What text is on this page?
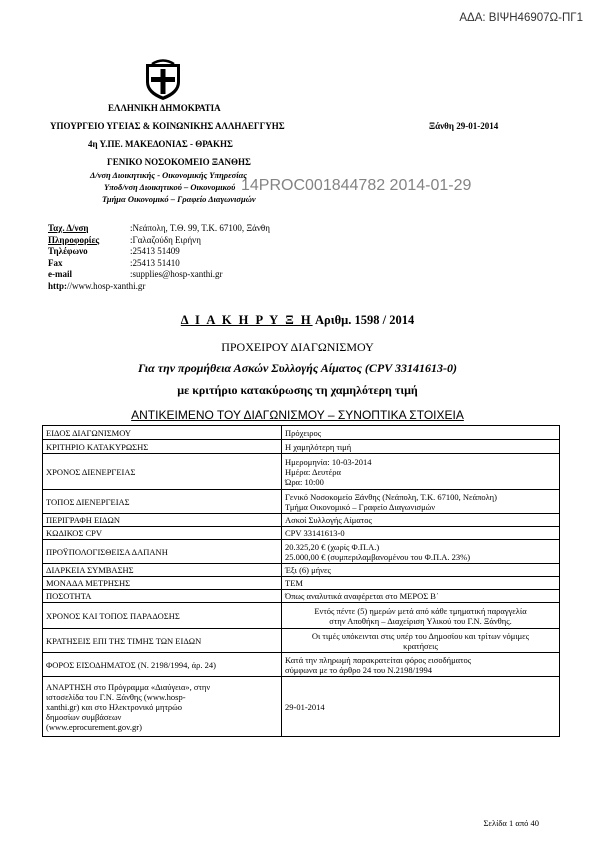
ΑΔΑ: ΒΙΨΗ46907Ω-ΠΓ1
ΕΛΛΗΝΙΚΗ ΔΗΜΟΚΡΑΤΙΑ
ΥΠΟΥΡΓΕΙΟ ΥΓΕΙΑΣ & ΚΟΙΝΩΝΙΚΗΣ ΑΛΛΗΛΕΓΓΥΗΣ	Ξάνθη 29-01-2014
4η Υ.ΠΕ. ΜΑΚΕΔΟΝΙΑΣ - ΘΡΑΚΗΣ
ΓΕΝΙΚΟ ΝΟΣΟΚΟΜΕΙΟ ΞΑΝΘΗΣ
Δ/νση Διοικητικής - Οικονομικής Υπηρεσίας
Υποδ/νση Διοικητικού – Οικονομικού
Τμήμα Οικονομικό – Γραφείο Διαγωνισμών
14PROC001844782 2014-01-29
Ταχ. Δ/νση	:Νεάπολη, Τ.Θ. 99, Τ.Κ. 67100, Ξάνθη
Πληροφορίες	:Γαλαζούδη Ειρήνη
Τηλέφωνο	:25413 51409
Fax	:25413 51410
e-mail	:supplies@hosp-xanthi.gr
http: //www.hosp-xanthi.gr
Δ Ι Α Κ Η Ρ Υ Ξ Η Αριθμ. 1598 / 2014
ΠΡΟΧΕΙΡΟΥ ΔΙΑΓΩΝΙΣΜΟΥ
Για την προμήθεια Ασκών Συλλογής Αίματος (CPV 33141613-0)
με κριτήριο κατακύρωσης τη χαμηλότερη τιμή
ΑΝΤΙΚΕΙΜΕΝΟ ΤΟΥ ΔΙΑΓΩΝΙΣΜΟΥ – ΣΥΝΟΠΤΙΚΑ ΣΤΟΙΧΕΙΑ
ΕΙΔΟΣ ΔΙΑΓΩΝΙΣΜΟΥ	Πρόχειρος
ΚΡΙΤΗΡΙΟ ΚΑΤΑΚΥΡΩΣΗΣ	Η χαμηλότερη τιμή
ΧΡΟΝΟΣ ΔΙΕΝΕΡΓΕΙΑΣ	Ημερομηνία: 10-03-2014
Ημέρα: Δευτέρα
Ώρα: 10:00

ΤΟΠΟΣ ΔΙΕΝΕΡΓΕΙΑΣ	Γενικό Νοσοκομείο Ξάνθης (Νεάπολη, Τ.Κ. 67100, Νεάπολη)
Τμήμα Οικονομικό – Γραφείο Διαγωνισμών

ΠΕΡΙΓΡΑΦΗ ΕΙΔΩΝ	Ασκοί Συλλογής Αίματος
ΚΩΔΙΚΟΣ CPV	CPV 33141613-0
ΠΡΟΫΠΟΛΟΓΙΣΘΕΙΣΑ ΔΑΠΑΝΗ	20.325,20 € (χωρίς Φ.Π.Α.)
25.000,00 € (συμπεριλαμβανομένου του Φ.Π.Α. 23%)

ΔΙΑΡΚΕΙΑ ΣΥΜΒΑΣΗΣ	Έξι (6) μήνες
ΜΟΝΑΔΑ ΜΕΤΡΗΣΗΣ	ΤΕΜ
ΠΟΣΟΤΗΤΑ	Όπως αναλυτικά αναφέρεται στο ΜΕΡΟΣ Β΄
ΧΡΟΝΟΣ ΚΑΙ ΤΟΠΟΣ ΠΑΡΑΔΟΣΗΣ	Εντός πέντε (5) ημερών μετά από κάθε τμηματική παραγγελία
στην Αποθήκη – Διαχείριση Υλικού του Γ.Ν. Ξάνθης.

ΚΡΑΤΗΣΕΙΣ ΕΠΙ ΤΗΣ ΤΙΜΗΣ ΤΩΝ ΕΙΔΩΝ	Οι τιμές υπόκεινται στις υπέρ του Δημοσίου και τρίτων νόμιμες
κρατήσεις

ΦΟΡΟΣ ΕΙΣΟΔΗΜΑΤΟΣ (Ν. 2198/1994, άρ. 24)	Κατά την πληρωμή παρακρατείται φόρος εισοδήματος
σύμφωνα με το άρθρο 24 του Ν.2198/1994

ΑΝΑΡΤΗΣΗ στο Πρόγραμμα «Διαύγεια», στην
ιστοσελίδα του Γ.Ν. Ξάνθης (www.hosp-
xanthi.gr) και στο Ηλεκτρονικό μητρώο
δημοσίων συμβάσεων
(www.eprocurement.gov.gr)	29-01-2014
Σελίδα 1 από 40
